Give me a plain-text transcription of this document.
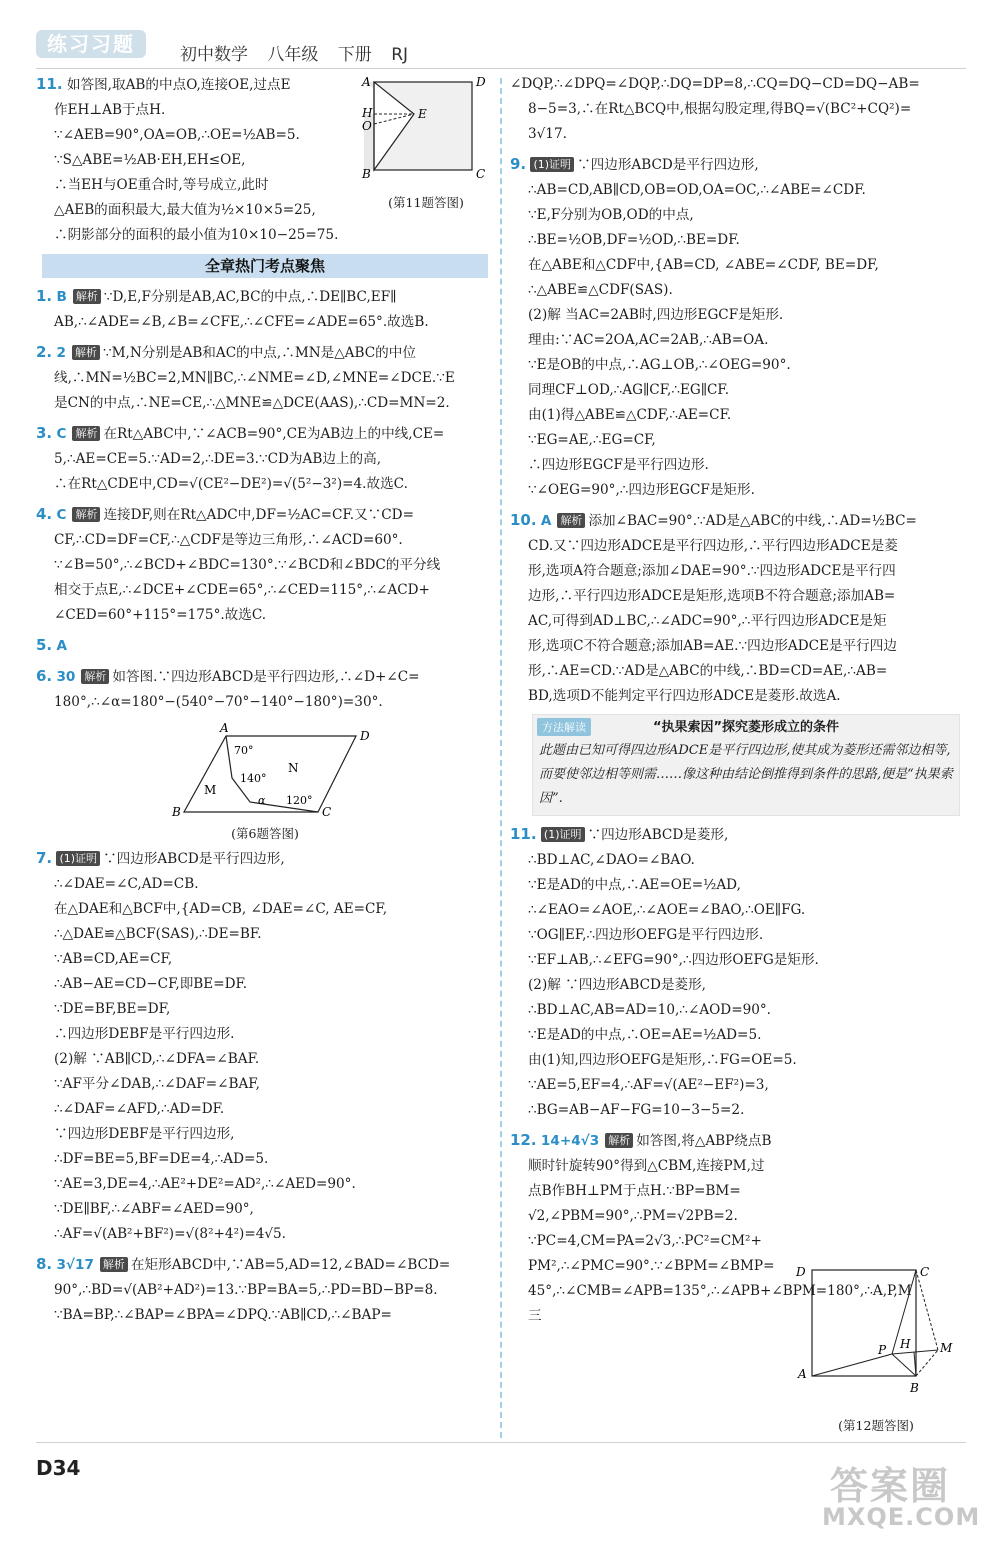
练习习题	初中数学 八年级 下册 RJ
11. 如答图,取AB的中点O,连接OE,过点E
作EH⊥AB于点H.
∵∠AEB=90°,OA=OB,∴OE=½AB=5.
∵S△ABE=½AB·EH,EH≤OE,
∴当EH与OE重合时,等号成立,此时
△AEB的面积最大,最大值为½×10×5=25,
∴阴影部分的面积的最小值为10×10−25=75.
全章热门考点聚焦
1. B 解析 ∵D,E,F分别是AB,AC,BC的中点,∴DE∥BC,EF∥
AB,∴∠ADE=∠B,∠B=∠CFE,∴∠CFE=∠ADE=65°.故选B.
2. 2 解析 ∵M,N分别是AB和AC的中点,∴MN是△ABC的中位
线,∴MN=½BC=2,MN∥BC,∴∠NME=∠D,∠MNE=∠DCE.∵E
是CN的中点,∴NE=CE,∴△MNE≌△DCE(AAS),∴CD=MN=2.
3. C 解析 在Rt△ABC中,∵∠ACB=90°,CE为AB边上的中线,CE=
5,∴AE=CE=5.∵AD=2,∴DE=3.∵CD为AB边上的高,
∴在Rt△CDE中,CD=√(CE²−DE²)=√(5²−3²)=4.故选C.
4. C 解析 连接DF,则在Rt△ADC中,DF=½AC=CF.又∵CD=
CF,∴CD=DF=CF,∴△CDF是等边三角形,∴∠ACD=60°.
∵∠B=50°,∴∠BCD+∠BDC=130°.∵∠BCD和∠BDC的平分线
相交于点E,∴∠DCE+∠CDE=65°,∴∠CED=115°,∴∠ACD+
∠CED=60°+115°=175°.故选C.
5. A
6. 30 解析 如答图.∵四边形ABCD是平行四边形,∴∠D+∠C=
180°,∴∠α=180°−(540°−70°−140°−180°)=30°.
A
D
B	C
M
N
70°
140°
120°
α
(第6题答图)
7. (1)证明 ∵四边形ABCD是平行四边形,
∴∠DAE=∠C,AD=CB.
在△DAE和△BCF中,{AD=CB, ∠DAE=∠C, AE=CF,
∴△DAE≌△BCF(SAS),∴DE=BF.
∵AB=CD,AE=CF,
∴AB−AE=CD−CF,即BE=DF.
∵DE=BF,BE=DF,
∴四边形DEBF是平行四边形.
(2)解 ∵AB∥CD,∴∠DFA=∠BAF.
∵AF平分∠DAB,∴∠DAF=∠BAF,
∴∠DAF=∠AFD,∴AD=DF.
∵四边形DEBF是平行四边形,
∴DF=BE=5,BF=DE=4,∴AD=5.
∵AE=3,DE=4,∴AE²+DE²=AD²,∴∠AED=90°.
∵DE∥BF,∴∠ABF=∠AED=90°,
∴AF=√(AB²+BF²)=√(8²+4²)=4√5.
8. 3√17 解析 在矩形ABCD中,∵AB=5,AD=12,∠BAD=∠BCD=
90°,∴BD=√(AB²+AD²)=13.∵BP=BA=5,∴PD=BD−BP=8.
∵BA=BP,∴∠BAP=∠BPA=∠DPQ.∵AB∥CD,∴∠BAP=
∠DQP,∴∠DPQ=∠DQP,∴DQ=DP=8,∴CQ=DQ−CD=DQ−AB=
8−5=3,∴在Rt△BCQ中,根据勾股定理,得BQ=√(BC²+CQ²)=
3√17.
9. (1)证明 ∵四边形ABCD是平行四边形,
∴AB=CD,AB∥CD,OB=OD,OA=OC,∴∠ABE=∠CDF.
∵E,F分别为OB,OD的中点,
∴BE=½OB,DF=½OD,∴BE=DF.
在△ABE和△CDF中,{AB=CD, ∠ABE=∠CDF, BE=DF,
∴△ABE≌△CDF(SAS).
(2)解 当AC=2AB时,四边形EGCF是矩形.
理由:∵AC=2OA,AC=2AB,∴AB=OA.
∵E是OB的中点,∴AG⊥OB,∴∠OEG=90°.
同理CF⊥OD,∴AG∥CF,∴EG∥CF.
由(1)得△ABE≌△CDF,∴AE=CF.
∵EG=AE,∴EG=CF,
∴四边形EGCF是平行四边形.
∵∠OEG=90°,∴四边形EGCF是矩形.
10. A 解析 添加∠BAC=90°.∵AD是△ABC的中线,∴AD=½BC=
CD.又∵四边形ADCE是平行四边形,∴平行四边形ADCE是菱
形,选项A符合题意;添加∠DAE=90°.∵四边形ADCE是平行四
边形,∴平行四边形ADCE是矩形,选项B不符合题意;添加AB=
AC,可得到AD⊥BC,∴∠ADC=90°,∴平行四边形ADCE是矩
形,选项C不符合题意;添加AB=AE.∵四边形ADCE是平行四边
形,∴AE=CD.∵AD是△ABC的中线,∴BD=CD=AE,∴AB=
BD,选项D不能判定平行四边形ADCE是菱形.故选A.
方法解读	“执果索因”探究菱形成立的条件
此题由已知可得四边形ADCE是平行四边形,使其成为菱形还需邻边相等,而要使邻边相等则需……像这种由结论倒推得到条件的思路,便是“执果索因”.
11. (1)证明 ∵四边形ABCD是菱形,
∴BD⊥AC,∠DAO=∠BAO.
∵E是AD的中点,∴AE=OE=½AD,
∴∠EAO=∠AOE,∴∠AOE=∠BAO,∴OE∥FG.
∵OG∥EF,∴四边形OEFG是平行四边形.
∵EF⊥AB,∴∠EFG=90°,∴四边形OEFG是矩形.
(2)解 ∵四边形ABCD是菱形,
∴BD⊥AC,AB=AD=10,∴∠AOD=90°.
∵E是AD的中点,∴OE=AE=½AD=5.
由(1)知,四边形OEFG是矩形,∴FG=OE=5.
∵AE=5,EF=4,∴AF=√(AE²−EF²)=3,
∴BG=AB−AF−FG=10−3−5=2.
12. 14+4√3 解析 如答图,将△ABP绕点B
顺时针旋转90°得到△CBM,连接PM,过
点B作BH⊥PM于点H.∵BP=BM=
√2,∠PBM=90°,∴PM=√2PB=2.
∵PC=4,CM=PA=2√3,∴PC²=CM²+
PM²,∴∠PMC=90°.∵∠BPM=∠BMP=
45°,∴∠CMB=∠APB=135°,∴∠APB+∠BPM=180°,∴A,P,M三
A	D
H
O
E
B	C
(第11题答图)
D	C
A
B
P H M
(第12题答图)
D34	答案圈
MXQE.COM
